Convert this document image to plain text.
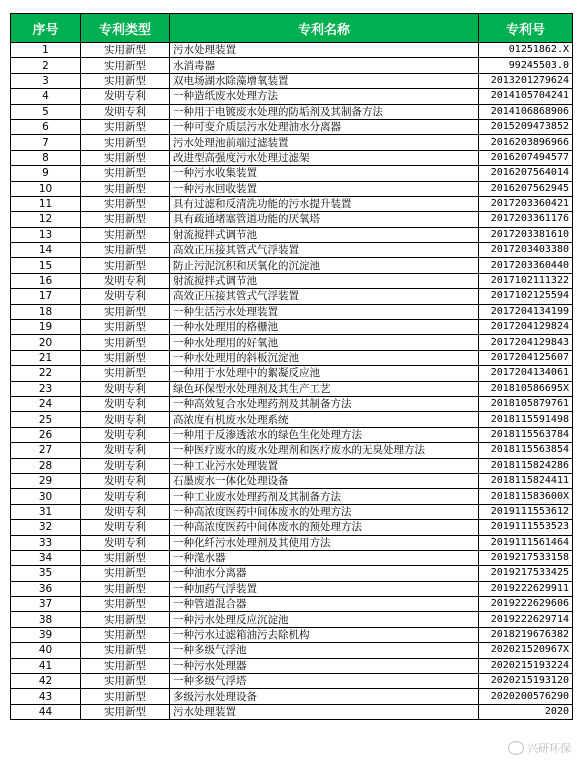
序号	专利类型	专利名称	专利号
1	实用新型	污水处理装置	01251862.X
2	实用新型	水消毒器	99245503.0
3	实用新型	双电场湖水除藻增氧装置	2013201279624
4	发明专利	一种造纸废水处理方法	2014105704241
5	发明专利	一种用于电镀废水处理的防垢剂及其制备方法	2014106868906
6	实用新型	一种可变介质层污水处理油水分离器	2015209473852
7	实用新型	污水处理池前端过滤装置	2016203896966
8	实用新型	改进型高强度污水处理过滤架	2016207494577
9	实用新型	一种污水收集装置	2016207564014
10	实用新型	一种污水回收装置	2016207562945
11	实用新型	具有过滤和反清洗功能的污水提升装置	2017203360421
12	实用新型	具有疏通堵塞管道功能的厌氧塔	2017203361176
13	实用新型	射流搅拌式调节池	2017203381610
14	实用新型	高效正压接其管式气浮装置	2017203403380
15	实用新型	防止污泥沉积和厌氧化的沉淀池	2017203360440
16	发明专利	射流搅拌式调节池	2017102111322
17	发明专利	高效正压接其管式气浮装置	2017102125594
18	实用新型	一种生活污水处理装置	2017204134199
19	实用新型	一种水处理用的格栅池	2017204129824
20	实用新型	一种水处理用的好氧池	2017204129843
21	实用新型	一种水处理用的斜板沉淀池	2017204125607
22	实用新型	一种用于水处理中的絮凝反应池	2017204134061
23	发明专利	绿色环保型水处理剂及其生产工艺	201810586695X
24	发明专利	一种高效复合水处理药剂及其制备方法	2018105879761
25	发明专利	高浓度有机废水处理系统	2018115591498
26	发明专利	一种用于反渗透浓水的绿色生化处理方法	2018115563784
27	发明专利	一种医疗废水的废水处理剂和医疗废水的无臭处理方法	2018115563854
28	发明专利	一种工业污水处理装置	2018115824286
29	发明专利	石墨废水一体化处理设备	2018115824411
30	发明专利	一种工业废水处理药剂及其制备方法	201811583600X
31	发明专利	一种高浓度医药中间体废水的处理方法	2019111553612
32	发明专利	一种高浓度医药中间体废水的预处理方法	2019111553523
33	发明专利	一种化纤污水处理剂及其使用方法	2019111561464
34	实用新型	一种滗水器	2019217533158
35	实用新型	一种油水分离器	2019217533425
36	实用新型	一种加药气浮装置	2019222629911
37	实用新型	一种管道混合器	2019222629606
38	实用新型	一种污水处理反应沉淀池	2019222629714
39	实用新型	一种污水过滤箱油污去除机构	2018219676382
40	实用新型	一种多级气浮池	202021520967X
41	实用新型	一种污水处理器	2020215193224
42	实用新型	一种多级气浮塔	2020215193120
43	实用新型	多级污水处理设备	2020200576290
44	实用新型	污水处理装置	2020
兴研环保
